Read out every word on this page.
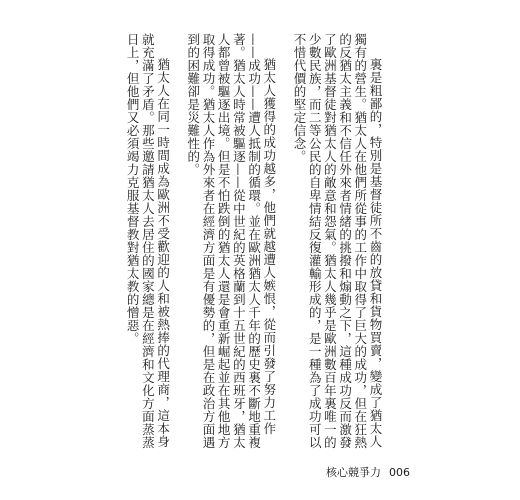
裏是粗鄙的，特別是基督徒所不齒的放貸和貨物買賣，變成了猶太人獨有的營生。猶太人在他們所從事的工作中取得了巨大的成功，但在狂熱的反猶太主義和不信任外來者情緒的挑撥和煽動之下，這種成功反而激發了歐洲基督徒對猶太人的敵意和怨氣。猶太人幾乎是歐洲數百年裏唯一的少數民族，而二等公民的自卑情結反復灌輸形成的，是一種為了成功可以不惜代價的堅定信念。

猶太人獲得的成功越多，他們就越遭人嫉恨，從而引發了努力工作——成功——遭人抵制的循環。並在歐洲猶太人千年的歷史裏不斷地重複著。猶太人時常被驅逐——從中世紀的英格蘭到十五世紀的西班牙，猶太人都曾被驅逐出境。但是不怕跌倒的猶太人還是會重新崛起並在其他地方取得成功。猶太人作為外來者在經濟方面是有優勢的，但是在政治方面遇到的困難卻是災難性的。

猶太人在同一時間成為歐洲不受歡迎的人和被熱捧的代理商，這本身就充滿了矛盾。那些邀請猶太人去居住的國家總是在經濟和文化方面蒸蒸日上，但他們又必須竭力克服基督教對猶太教的憎惡。

核心競爭力 006
